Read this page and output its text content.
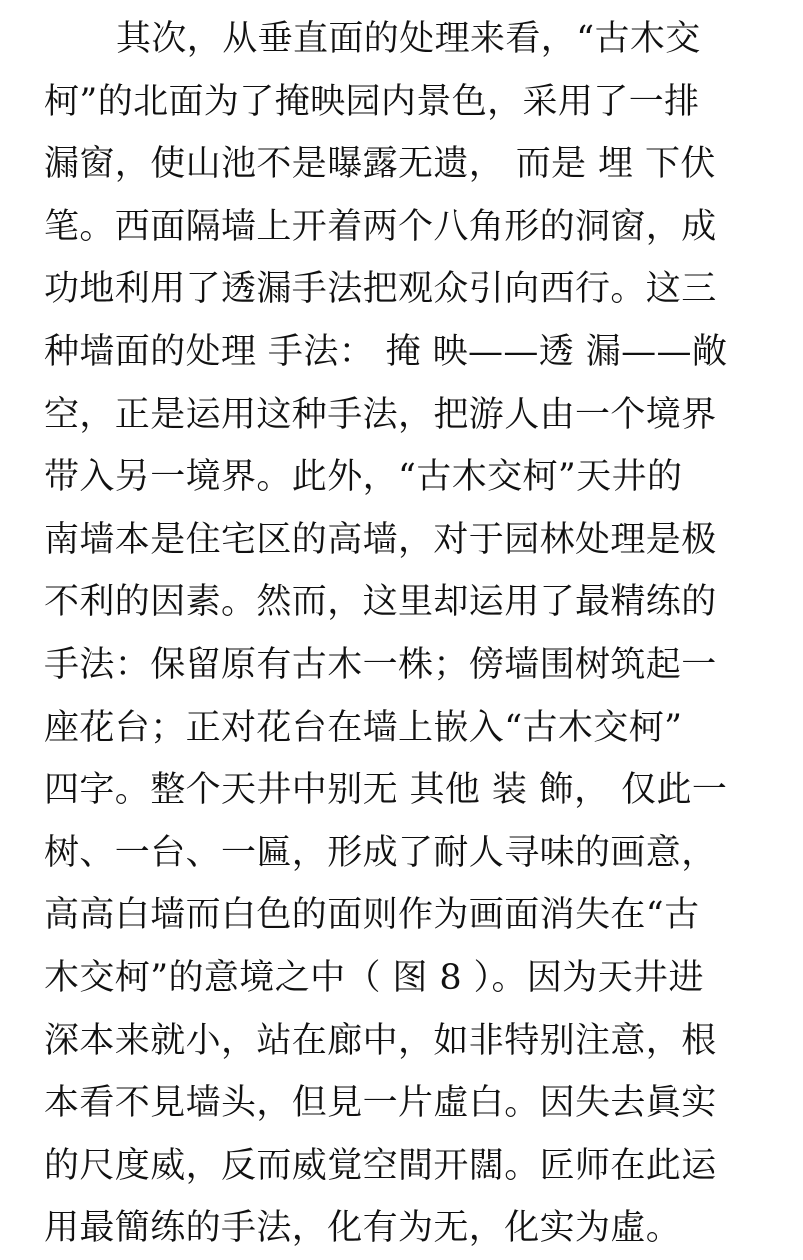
其次，从垂直面的处理来看，“古木交
柯”的北面为了掩映园内景色，采用了一排
漏窗，使山池不是曝露无遗， 而是 埋 下伏
笔。西面隔墙上开着两个八角形的洞窗，成
功地利用了透漏手法把观众引向西行。这三
种墙面的处理 手法： 掩 映——透 漏——敞
空，正是运用这种手法，把游人由一个境界
带入另一境界。此外，“古木交柯”天井的
南墙本是住宅区的高墙，对于园林处理是极
不利的因素。然而，这里却运用了最精练的
手法：保留原有古木一株；傍墙围树筑起一
座花台；正对花台在墙上嵌入“古木交柯”
四字。整个天井中别无 其他 装 飾， 仅此一
树、一台、一匾，形成了耐人寻味的画意，
高高白墙而白色的面则作为画面消失在“古
木交柯”的意境之中（ 图 8 ）。因为天井进
深本来就小，站在廊中，如非特别注意，根
本看不見墙头，但見一片虛白。因失去眞实
的尺度威，反而威覚空間开闊。匠师在此运
用最簡练的手法，化有为无，化实为虛。
